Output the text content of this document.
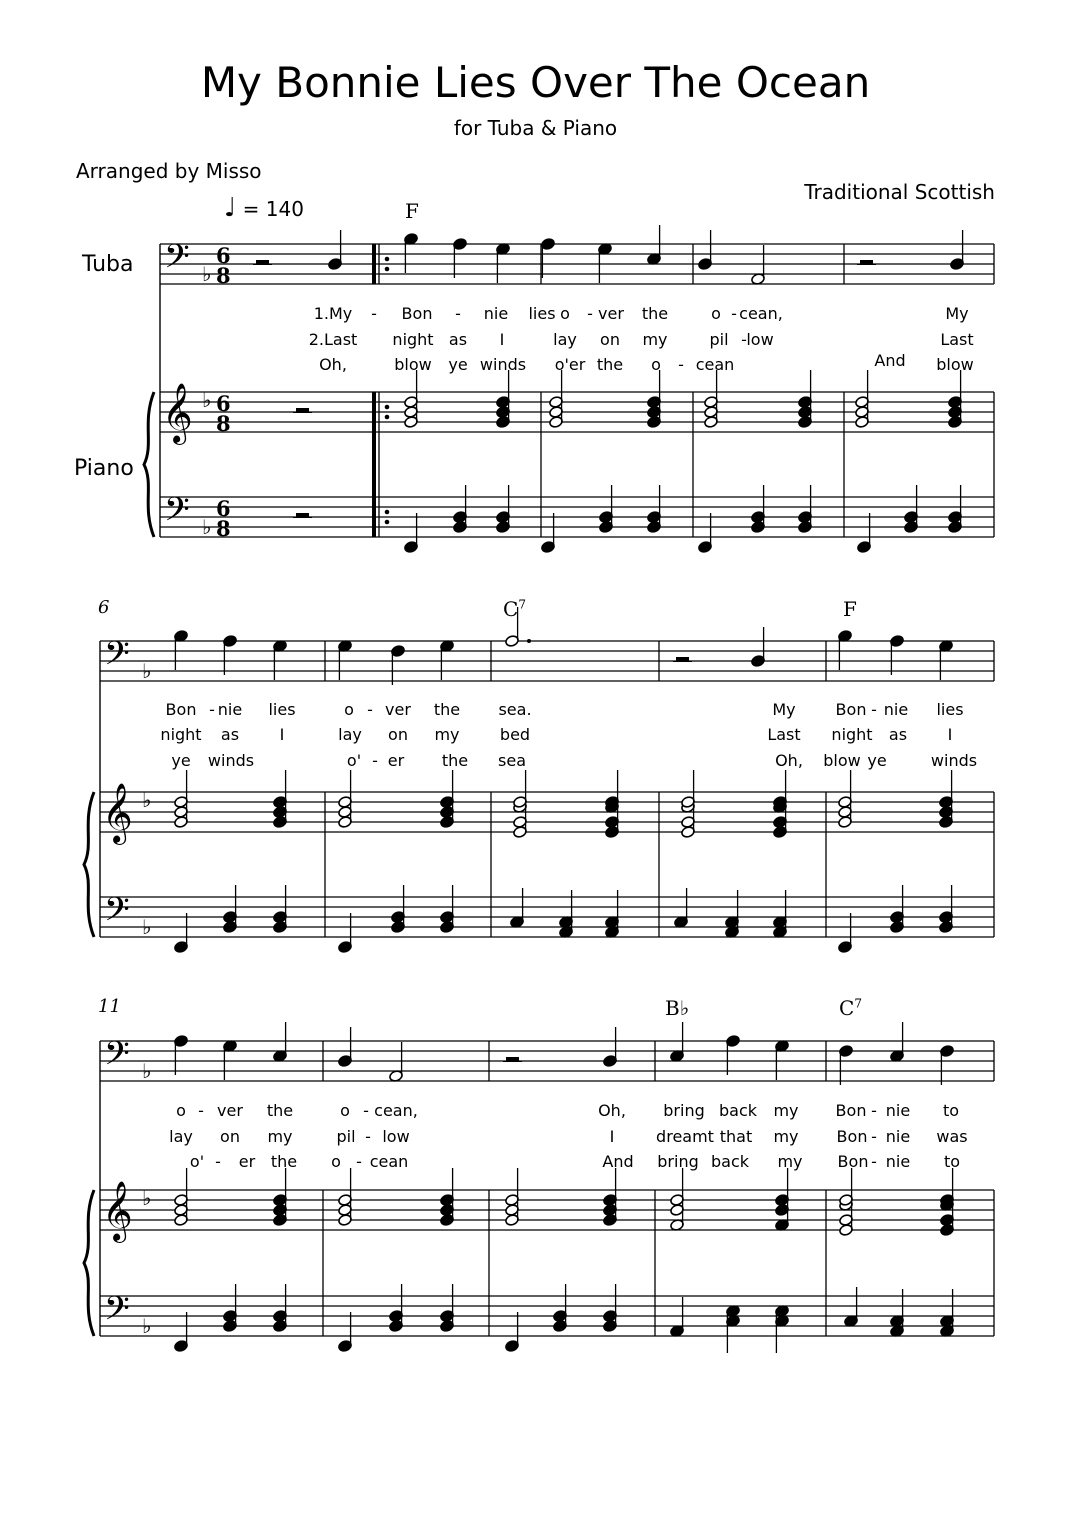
𝄢
𝄞
𝄢
♭
♭
♭
6
8
6
8
6
8
𝄢
𝄞
𝄢
♭
♭
♭
𝄢
𝄞
𝄢
♭
♭
♭
My Bonnie Lies Over The Ocean
for Tuba & Piano
Arranged by Misso
Traditional Scottish
♩ = 140
Tuba
Piano
6
11
F
$C^7$	F
B♭	$C^7$
1.My - Bon - nie lies o - ver the	o - cean,	My
2.Last night as I	lay on my	pil - low	Last
Oh,	blow ye winds o'er the o - cean	And blow
Bon - nie lies	o - ver the sea.	My Bon - nie lies
night as	I	lay on my	bed	Last night as	I
ye winds	o' - er the sea	Oh, blow ye	winds
o - ver the	o - cean,	Oh, bring back my Bon - nie to
lay on my	pil - low	I	dreamt that my Bon - nie was
o' - er the o - cean	And bring back my Bon - nie to
